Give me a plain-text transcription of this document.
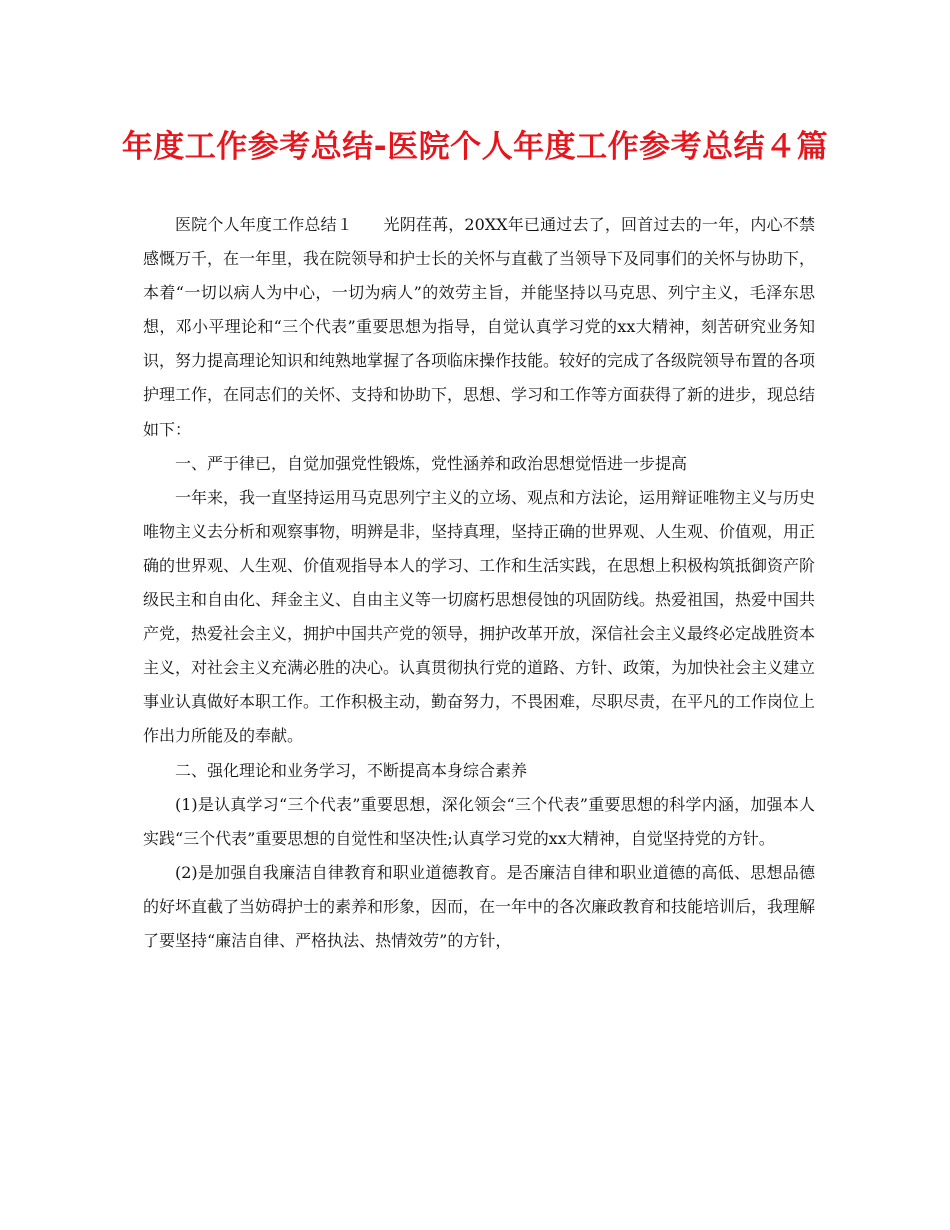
年度工作参考总结-医院个人年度工作参考总结４篇

医院个人年度工作总结１ 光阴荏苒，20XX年已通过去了，回首过去的一年，内心不禁感慨万千，在一年里，我在院领导和护士长的关怀与直截了当领导下及同事们的关怀与协助下，本着“一切以病人为中心，一切为病人”的效劳主旨，并能坚持以马克思、列宁主义，毛泽东思想，邓小平理论和“三个代表”重要思想为指导，自觉认真学习党的xx大精神，刻苦研究业务知识，努力提高理论知识和纯熟地掌握了各项临床操作技能。较好的完成了各级院领导布置的各项护理工作，在同志们的关怀、支持和协助下，思想、学习和工作等方面获得了新的进步，现总结如下：

一、严于律已，自觉加强党性锻炼，党性涵养和政治思想觉悟进一步提高

一年来，我一直坚持运用马克思列宁主义的立场、观点和方法论，运用辩证唯物主义与历史唯物主义去分析和观察事物，明辨是非，坚持真理，坚持正确的世界观、人生观、价值观，用正确的世界观、人生观、价值观指导本人的学习、工作和生活实践，在思想上积极构筑抵御资产阶级民主和自由化、拜金主义、自由主义等一切腐朽思想侵蚀的巩固防线。热爱祖国，热爱中国共产党，热爱社会主义，拥护中国共产党的领导，拥护改革开放，深信社会主义最终必定战胜资本主义，对社会主义充满必胜的决心。认真贯彻执行党的道路、方针、政策，为加快社会主义建立事业认真做好本职工作。工作积极主动，勤奋努力，不畏困难，尽职尽责，在平凡的工作岗位上作出力所能及的奉献。

二、强化理论和业务学习，不断提高本身综合素养

(1)是认真学习“三个代表”重要思想，深化领会“三个代表”重要思想的科学内涵，加强本人实践“三个代表”重要思想的自觉性和坚决性;认真学习党的xx大精神，自觉坚持党的方针。

(2)是加强自我廉洁自律教育和职业道德教育。是否廉洁自律和职业道德的高低、思想品德的好坏直截了当妨碍护士的素养和形象，因而，在一年中的各次廉政教育和技能培训后，我理解了要坚持“廉洁自律、严格执法、热情效劳”的方针，
